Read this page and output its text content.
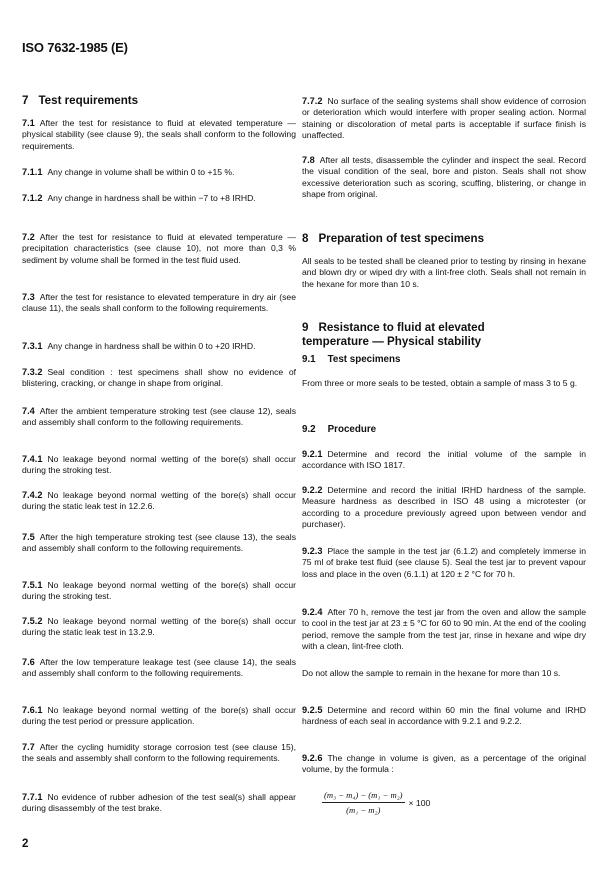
ISO 7632-1985 (E)
7 Test requirements
7.1 After the test for resistance to fluid at elevated temperature — physical stability (see clause 9), the seals shall conform to the following requirements.
7.1.1 Any change in volume shall be within 0 to +15 %.
7.1.2 Any change in hardness shall be within −7 to +8 IRHD.
7.2 After the test for resistance to fluid at elevated temperature — precipitation characteristics (see clause 10), not more than 0,3 % sediment by volume shall be formed in the test fluid used.
7.3 After the test for resistance to elevated temperature in dry air (see clause 11), the seals shall conform to the following requirements.
7.3.1 Any change in hardness shall be within 0 to +20 IRHD.
7.3.2 Seal condition : test specimens shall show no evidence of blistering, cracking, or change in shape from original.
7.4 After the ambient temperature stroking test (see clause 12), seals and assembly shall conform to the following requirements.
7.4.1 No leakage beyond normal wetting of the bore(s) shall occur during the stroking test.
7.4.2 No leakage beyond normal wetting of the bore(s) shall occur during the static leak test in 12.2.6.
7.5 After the high temperature stroking test (see clause 13), the seals and assembly shall conform to the following requirements.
7.5.1 No leakage beyond normal wetting of the bore(s) shall occur during the stroking test.
7.5.2 No leakage beyond normal wetting of the bore(s) shall occur during the static leak test in 13.2.9.
7.6 After the low temperature leakage test (see clause 14), the seals and assembly shall conform to the following requirements.
7.6.1 No leakage beyond normal wetting of the bore(s) shall occur during the test period or pressure application.
7.7 After the cycling humidity storage corrosion test (see clause 15), the seals and assembly shall conform to the following requirements.
7.7.1 No evidence of rubber adhesion of the test seal(s) shall appear during disassembly of the test brake.
7.7.2 No surface of the sealing systems shall show evidence of corrosion or deterioration which would interfere with proper sealing action. Normal staining or discoloration of metal parts is acceptable if surface finish is unaffected.
7.8 After all tests, disassemble the cylinder and inspect the seal. Record the visual condition of the seal, bore and piston. Seals shall not show excessive deterioration such as scoring, scuffing, blistering, or change in shape from original.
8 Preparation of test specimens
All seals to be tested shall be cleaned prior to testing by rinsing in hexane and blown dry or wiped dry with a lint-free cloth. Seals shall not remain in the hexane for more than 10 s.
9 Resistance to fluid at elevated
temperature — Physical stability
9.1 Test specimens
From three or more seals to be tested, obtain a sample of mass 3 to 5 g.
9.2 Procedure
9.2.1 Determine and record the initial volume of the sample in accordance with ISO 1817.
9.2.2 Determine and record the initial IRHD hardness of the sample. Measure hardness as described in ISO 48 using a microtester (or according to a procedure previously agreed upon between vendor and purchaser).
9.2.3 Place the sample in the test jar (6.1.2) and completely immerse in 75 ml of brake test fluid (see clause 5). Seal the test jar to prevent vapour loss and place in the oven (6.1.1) at 120 ± 2 °C for 70 h.
9.2.4 After 70 h, remove the test jar from the oven and allow the sample to cool in the test jar at 23 ± 5 °C for 60 to 90 min. At the end of the cooling period, remove the sample from the test jar, rinse in hexane and wipe dry with a clean, lint-free cloth.
Do not allow the sample to remain in the hexane for more than 10 s.
9.2.5 Determine and record within 60 min the final volume and IRHD hardness of each seal in accordance with 9.2.1 and 9.2.2.
9.2.6 The change in volume is given, as a percentage of the original volume, by the formula :
$\frac{\text{(m₃ − m₄) − (m₁ − m₂)}}{\text{(m₁ − m₂)}} \times 100$
2
